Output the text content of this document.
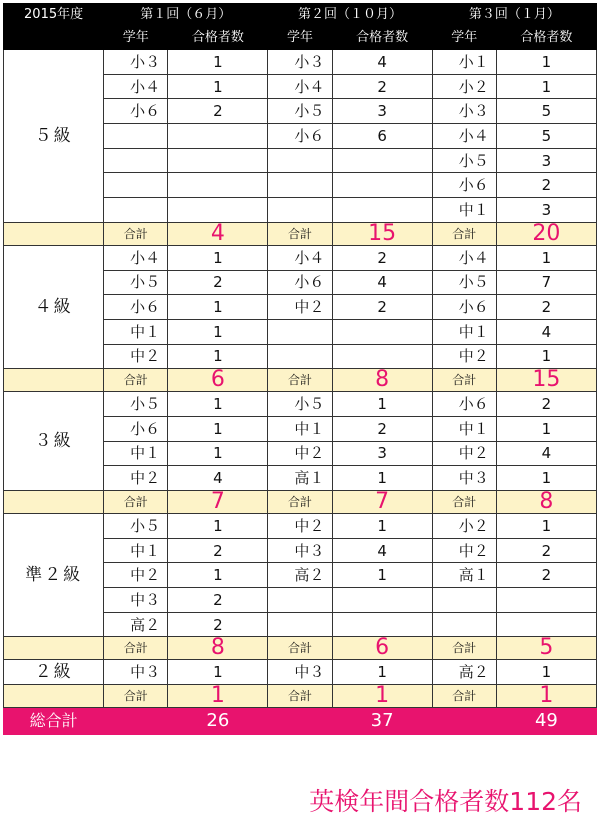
2015年度	第１回（６月）		第２回（１０月）		第３回（１月）	
	学年	合格者数	学年	合格者数	学年	合格者数
５級	小３	1	小３	4	小１	1
	小４	1	小４	2	小２	1
	小６	2	小５	3	小３	5
			小６	6	小４	5
					小５	3
					小６	2
					中１	3
	合計	4	合計	15	合計	20
４級	小４	1	小４	2	小４	1
	小５	2	小６	4	小５	7
	小６	1	中２	2	小６	2
	中１	1			中１	4
	中２	1			中２	1
	合計	6	合計	8	合計	15
３級	小５	1	小５	1	小６	2
	小６	1	中１	2	中１	1
	中１	1	中２	3	中２	4
	中２	4	高１	1	中３	1
	合計	7	合計	7	合計	8
準２級	小５	1	中２	1	小２	1
	中１	2	中３	4	中２	2
	中２	1	高２	1	高１	2
	中３	2				
	高２	2				
	合計	8	合計	6	合計	5
２級	中３	1	中３	1	高２	1
	合計	1	合計	1	合計	1
総合計		26		37		49
英検年間合格者数112名
